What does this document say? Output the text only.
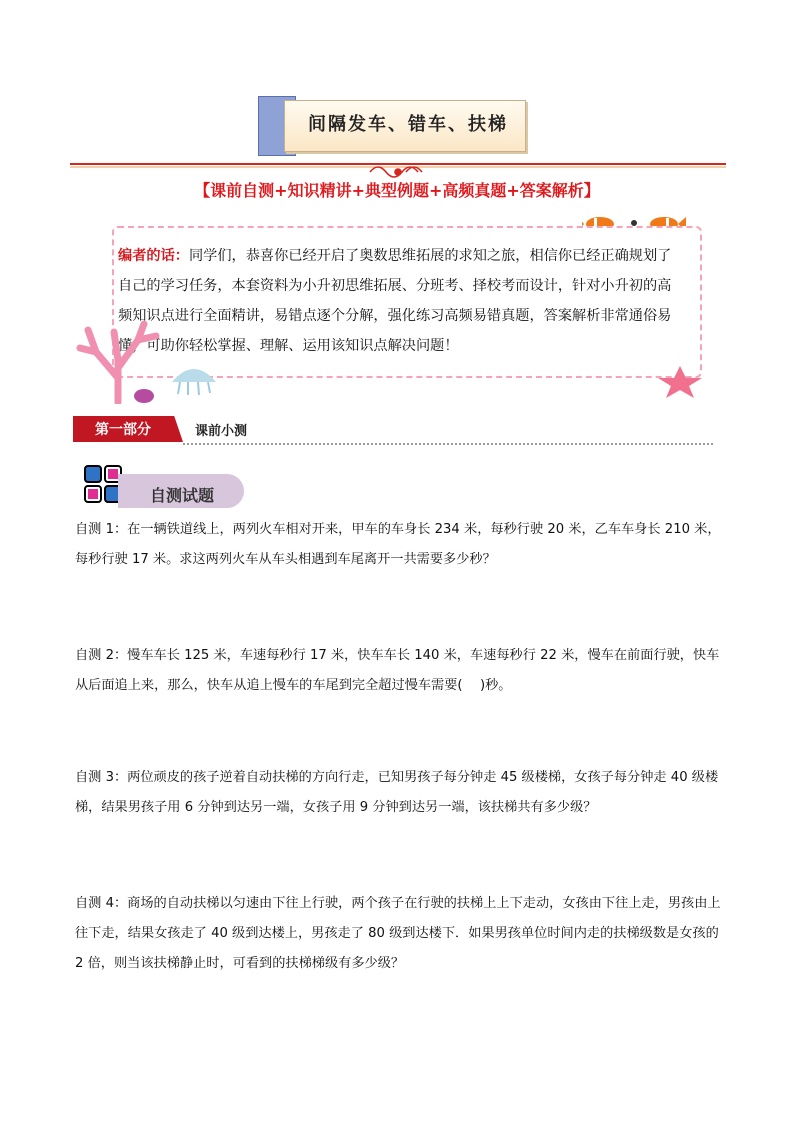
间隔发车、错车、扶梯
【课前自测+知识精讲+典型例题+高频真题+答案解析】
编者的话：同学们，恭喜你已经开启了奥数思维拓展的求知之旅，相信你已经正确规划了自己的学习任务，本套资料为小升初思维拓展、分班考、择校考而设计，针对小升初的高频知识点进行全面精讲，易错点逐个分解，强化练习高频易错真题，答案解析非常通俗易懂，可助你轻松掌握、理解、运用该知识点解决问题！
第一部分	课前小测
自测试题
自测 1：在一辆铁道线上，两列火车相对开来，甲车的车身长 234 米，每秒行驶 20 米，乙车车身长 210 米，每秒行驶 17 米。求这两列火车从车头相遇到车尾离开一共需要多少秒？
自测 2：慢车车长 125 米，车速每秒行 17 米，快车车长 140 米，车速每秒行 22 米，慢车在前面行驶，快车从后面追上来，那么，快车从追上慢车的车尾到完全超过慢车需要(　 )秒。
自测 3：两位顽皮的孩子逆着自动扶梯的方向行走，已知男孩子每分钟走 45 级楼梯，女孩子每分钟走 40 级楼梯，结果男孩子用 6 分钟到达另一端，女孩子用 9 分钟到达另一端，该扶梯共有多少级？
自测 4：商场的自动扶梯以匀速由下往上行驶，两个孩子在行驶的扶梯上上下走动，女孩由下往上走，男孩由上往下走，结果女孩走了 40 级到达楼上，男孩走了 80 级到达楼下．如果男孩单位时间内走的扶梯级数是女孩的 2 倍，则当该扶梯静止时，可看到的扶梯梯级有多少级？
